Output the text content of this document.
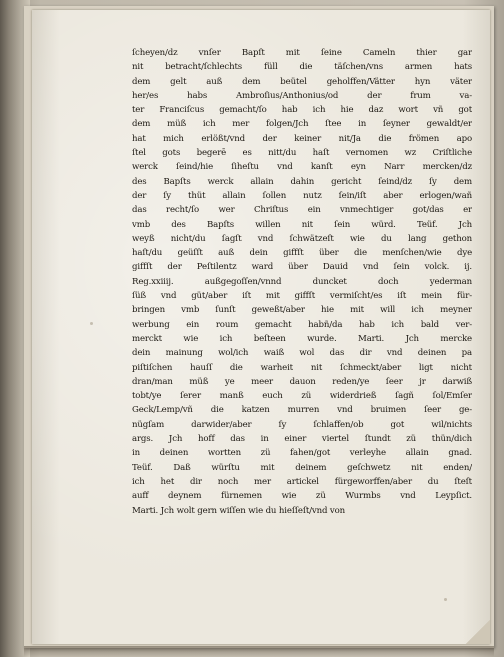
ſcheyen/dz vnſer Bapſt mit ſeine Cameln thier gar
nit betracht/ſchlechts füll die täſchen/vns armen hats
dem gelt auß dem beütel geholffen/Vätter hyn väter
her/es habs Ambroſius/Anthonius/od der frum va-
ter Franciſcus gemacht/ſo hab ich hie daz wort vñ got
dem müß ich mer folgen/Jch ſtee in ſeyner gewaldt/er
hat mich erlößt/vnd der keiner nit/Ja die frömen apo
ſtel gots begerē es nitt/du haſt vernomen wz Criſtliche
werck ſeind/hie ſiheſtu vnd kanſt eyn Narr mercken/dz
des Bapſts werck allain dahin gericht ſeind/dz ſy dem
der ſy thüt allain ſollen nutz ſein/iſt aber erlogen/wañ
das recht/ſo wer Chriſtus ein vnmechtiger got/das er
vmb des Bapſts willen nit ſein würd. Teüf. Jch
weyß nicht/du ſagſt vnd ſchwätzeſt wie du lang gethon
haſt/du geüſſt auß dein giffſt über die menſchen/wie dye
giffſt der Peſtilentz ward über Dauid vnd ſein volck. ij.
Reg.xxiiij. außgegoſſen/vnnd duncket doch yederman
ſüß vnd güt/aber iſt mit giffſt vermiſcht/es iſt mein für-
bringen vmb ſunſt geweßt/aber hie mit will ich meyner
werbung ein roum gemacht habñ/da hab ich bald ver-
merckt wie ich beſteen wurde. Marti. Jch mercke
dein mainung wol/ich waiß wol das dir vnd deinen pa
piſtiſchen hauſſ die warheit nit ſchmeckt/aber ligt nicht
dran/man müß ye meer dauon reden/ye ſeer jr darwiß
tobt/ye ſerer manß euch zü widerdrieß ſagñ ſol/Emſer
Geck/Lemp/vñ die katzen murren vnd bruimen ſeer ge-
nügſam darwider/aber ſy ſchlaffen/ob got wil/nichts
args. Jch hoff das in einer viertel ſtundt zü thün/dich
in deinen wortten zü fahen/got verleyhe allain gnad.
Teüf. Daß würſtu mit deinem geſchwetz nit enden/
ich het dir noch mer artickel fürgeworffen/aber du ſteſt
auff deynem fürnemen wie zü Wurmbs vnd Leypſict.
Marti. Jch wolt gern wiſſen wie du hieſſeſt/vnd von
